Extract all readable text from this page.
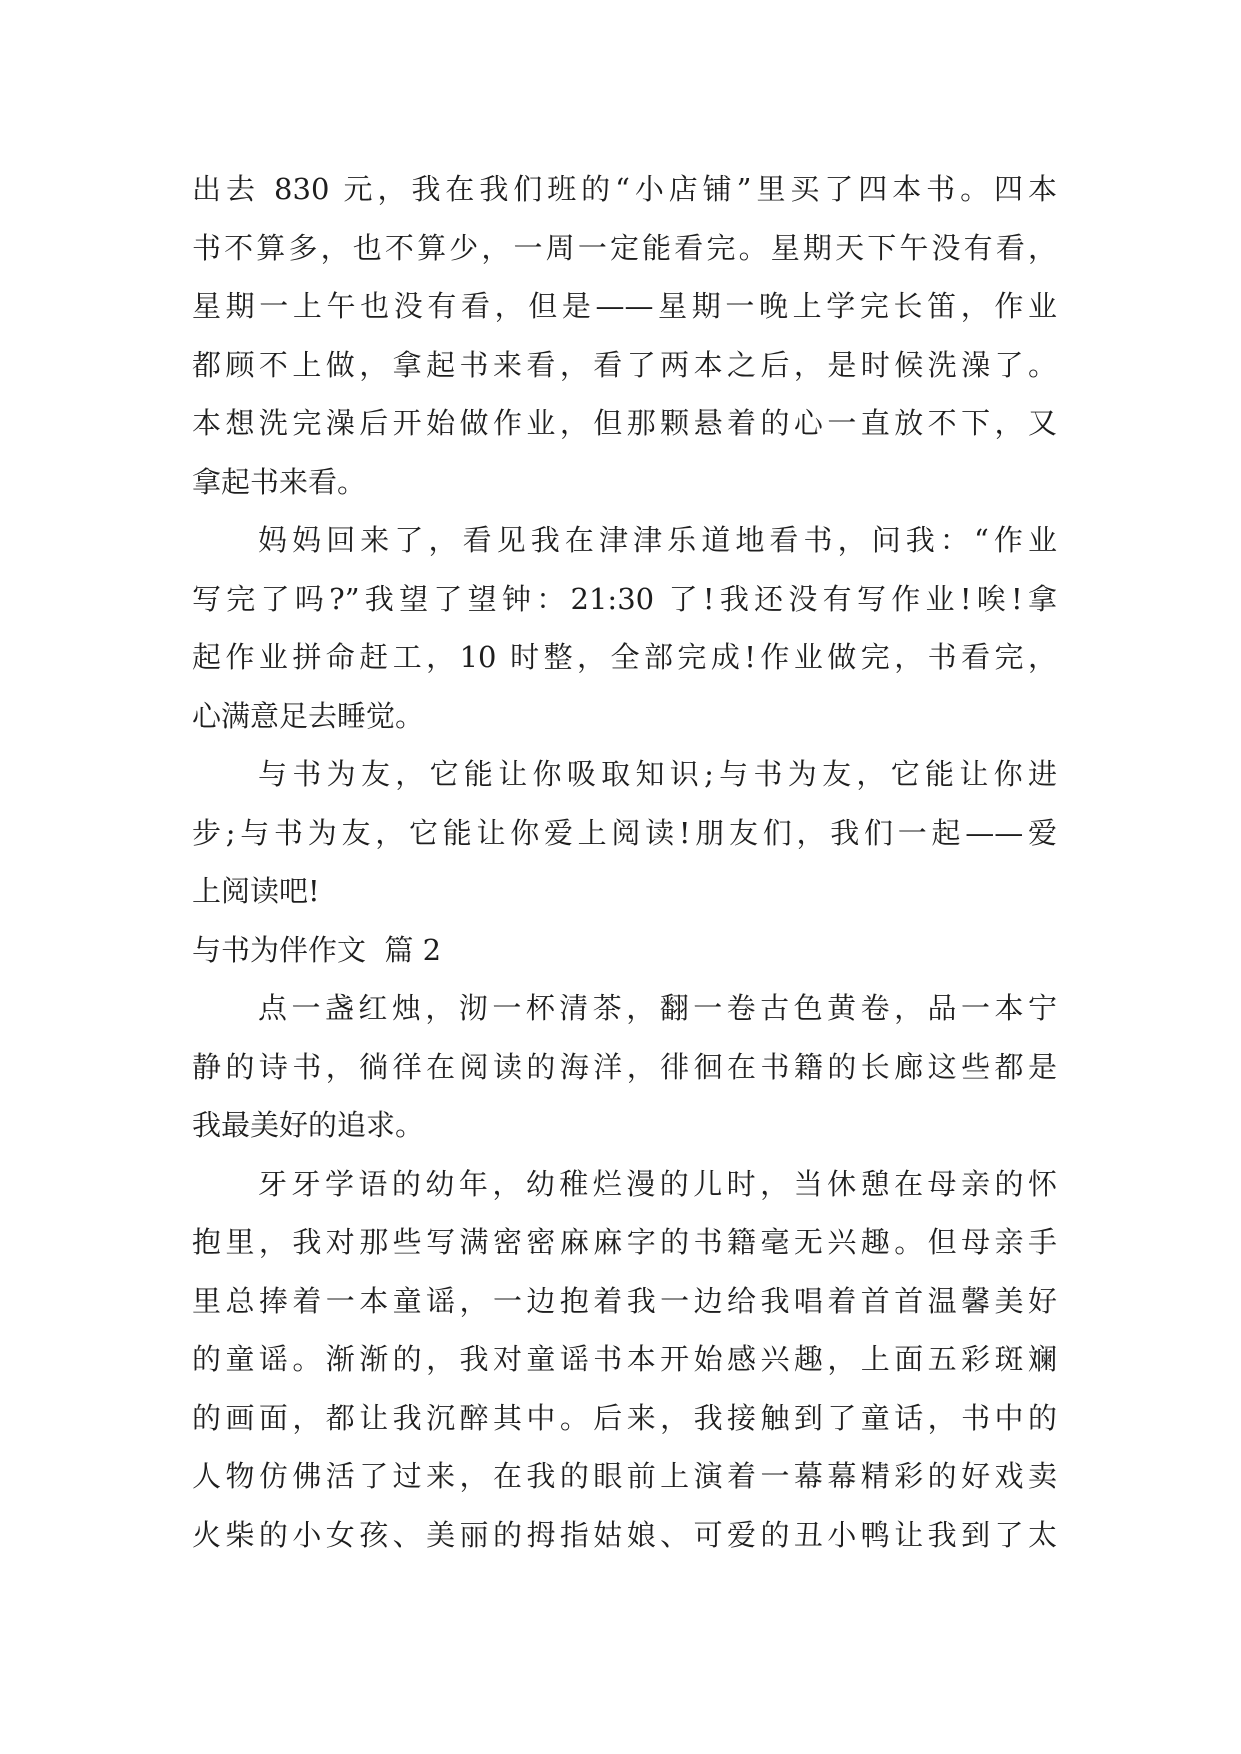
出去 830 元，我在我们班的“小店铺”里买了四本书。四本
书不算多，也不算少，一周一定能看完。星期天下午没有看，
星期一上午也没有看，但是——星期一晚上学完长笛，作业
都顾不上做，拿起书来看，看了两本之后，是时候洗澡了。
本想洗完澡后开始做作业，但那颗悬着的心一直放不下，又
拿起书来看。
妈妈回来了，看见我在津津乐道地看书，问我：“作业
写完了吗?”我望了望钟：21:30 了!我还没有写作业!唉!拿
起作业拼命赶工，10 时整，全部完成!作业做完，书看完，
心满意足去睡觉。
与书为友，它能让你吸取知识;与书为友，它能让你进
步;与书为友，它能让你爱上阅读!朋友们，我们一起——爱
上阅读吧!
与书为伴作文  篇 2
点一盏红烛，沏一杯清茶，翻一卷古色黄卷，品一本宁
静的诗书，徜徉在阅读的海洋，徘徊在书籍的长廊这些都是
我最美好的追求。
牙牙学语的幼年，幼稚烂漫的儿时，当休憩在母亲的怀
抱里，我对那些写满密密麻麻字的书籍毫无兴趣。但母亲手
里总捧着一本童谣，一边抱着我一边给我唱着首首温馨美好
的童谣。渐渐的，我对童谣书本开始感兴趣，上面五彩斑斓
的画面，都让我沉醉其中。后来，我接触到了童话，书中的
人物仿佛活了过来，在我的眼前上演着一幕幕精彩的好戏卖
火柴的小女孩、美丽的拇指姑娘、可爱的丑小鸭让我到了太
